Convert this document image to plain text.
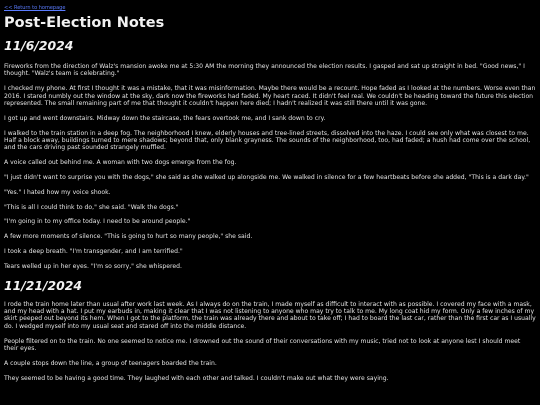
<< Return to homepage
Post-Election Notes
11/6/2024

Fireworks from the direction of Walz's mansion awoke me at 5:30 AM the morning they announced the election results. I gasped and sat up straight in bed. "Good news," I thought. "Walz's team is celebrating."

I checked my phone. At first I thought it was a mistake, that it was misinformation. Maybe there would be a recount. Hope faded as I looked at the numbers. Worse even than 2016. I stared numbly out the window at the sky, dark now the fireworks had faded. My heart raced. It didn't feel real. We couldn't be heading toward the future this election represented. The small remaining part of me that thought it couldn't happen here died; I hadn't realized it was still there until it was gone.

I got up and went downstairs. Midway down the staircase, the fears overtook me, and I sank down to cry.

I walked to the train station in a deep fog. The neighborhood I knew, elderly houses and tree-lined streets, dissolved into the haze. I could see only what was closest to me. Half a block away, buildings turned to mere shadows; beyond that, only blank grayness. The sounds of the neighborhood, too, had faded; a hush had come over the school, and the cars driving past sounded strangely muffled.

A voice called out behind me. A woman with two dogs emerge from the fog.

"I just didn't want to surprise you with the dogs," she said as she walked up alongside me. We walked in silence for a few heartbeats before she added, "This is a dark day."

"Yes." I hated how my voice shook.

"This is all I could think to do," she said. "Walk the dogs."

"I'm going in to my office today. I need to be around people."

A few more moments of silence. "This is going to hurt so many people," she said.

I took a deep breath. "I'm transgender, and I am terrified."

Tears welled up in her eyes. "I'm so sorry," she whispered.

11/21/2024

I rode the train home later than usual after work last week. As I always do on the train, I made myself as difficult to interact with as possible. I covered my face with a mask, and my head with a hat. I put my earbuds in, making it clear that I was not listening to anyone who may try to talk to me. My long coat hid my form. Only a few inches of my skirt peeped out beyond its hem. When I got to the platform, the train was already there and about to take off; I had to board the last car, rather than the first car as I usually do. I wedged myself into my usual seat and stared off into the middle distance.

People filtered on to the train. No one seemed to notice me. I drowned out the sound of their conversations with my music, tried not to look at anyone lest I should meet their eyes.

A couple stops down the line, a group of teenagers boarded the train.

They seemed to be having a good time. They laughed with each other and talked. I couldn't make out what they were saying.
